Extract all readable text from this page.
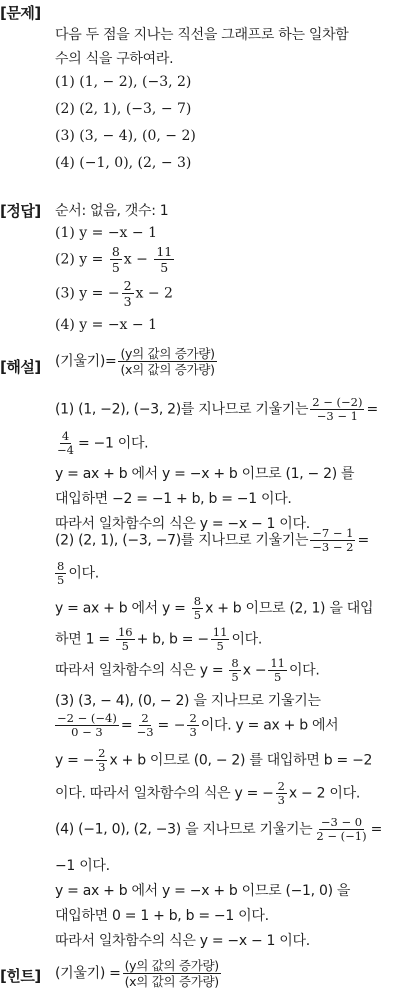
[문제]
다음 두 점을 지나는 직선을 그래프로 하는 일차함
수의 식을 구하여라.
(1) (1, − 2), (−3, 2)
(2) (2, 1), (−3, − 7)
(3) (3, − 4), (0, − 2)
(4) (−1, 0), (2, − 3)
[정답] 순서: 없음, 갯수: 1
(1) y = −x − 1
(2) $y = \frac{8}{5}$ $x - \frac{11}{5}$
(3) y = − $\frac{2}{3}$ x − 2
(4) y = −x − 1
[해설] (기울기)= $\frac{\text{(y의 값의 증가량)}}{\text{(x의 값의 증가량)}}$
(1) (1, −2), (−3, 2)를 지나므로 기울기는 $\frac{2 - (-2)}{-3 - 1}$ =
$\frac{4}{-4} = -1$ 이다.
y = ax + b 에서 y = −x + b 이므로 (1, − 2) 를
대입하면 −2 = −1 + b, b = −1 이다.
따라서 일차함수의 식은 y = −x − 1 이다.
(2) (2, 1), (−3, −7)를 지나므로 기울기는 $\frac{-7 - 1}{-3 - 2}$ =
$\frac{8}{5}$ 이다.
y = ax + b 에서 $y = \frac{8}{5}$ x + b 이므로 (2, 1) 을 대입
하면 $1 = \frac{16}{5} + b$, b = − $\frac{11}{5}$ 이다.
따라서 일차함수의 식은 $y = \frac{8}{5}$ $x - \frac{11}{5}$ 이다.
(3) (3, − 4), (0, − 2) 을 지나므로 기울기는
$\frac{-2 - (-4)}{0 - 3} = \frac{2}{-3}$ = − $\frac{2}{3}$ 이다. y = ax + b 에서
y = − $\frac{2}{3}$ x + b 이므로 (0, − 2) 를 대입하면 b = −2
이다. 따라서 일차함수의 식은 y = − $\frac{2}{3}$ x − 2 이다.
(4) (−1, 0), (2, −3) 을 지나므로 기울기는 $\frac{-3 - 0}{2 - (-1)}$ =
−1 이다.
y = ax + b 에서 y = −x + b 이므로 (−1, 0) 을
대입하면 0 = 1 + b, b = −1 이다.
따라서 일차함수의 식은 y = −x − 1 이다.
[힌트] (기울기) = $\frac{\text{(y의 값의 증가량)}}{\text{(x의 값의 증가량)}}$
